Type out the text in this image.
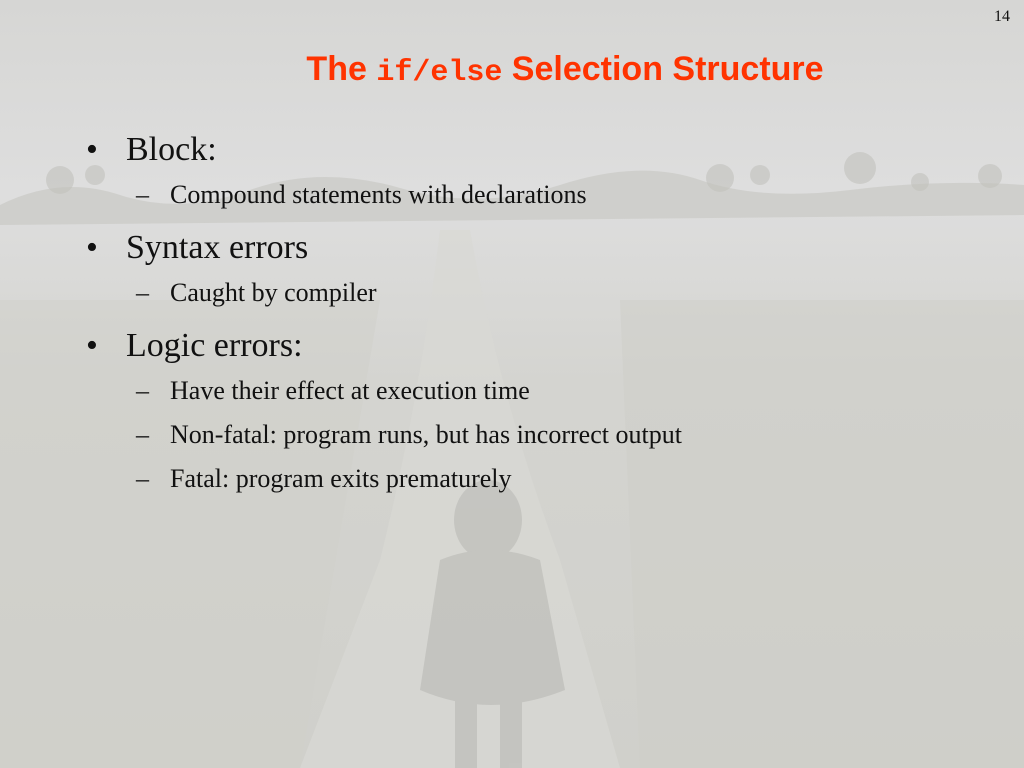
14
The if/else Selection Structure
• Block:
– Compound statements with declarations
• Syntax errors
– Caught by compiler
• Logic errors:
– Have their effect at execution time
– Non-fatal: program runs, but has incorrect output
– Fatal: program exits prematurely
